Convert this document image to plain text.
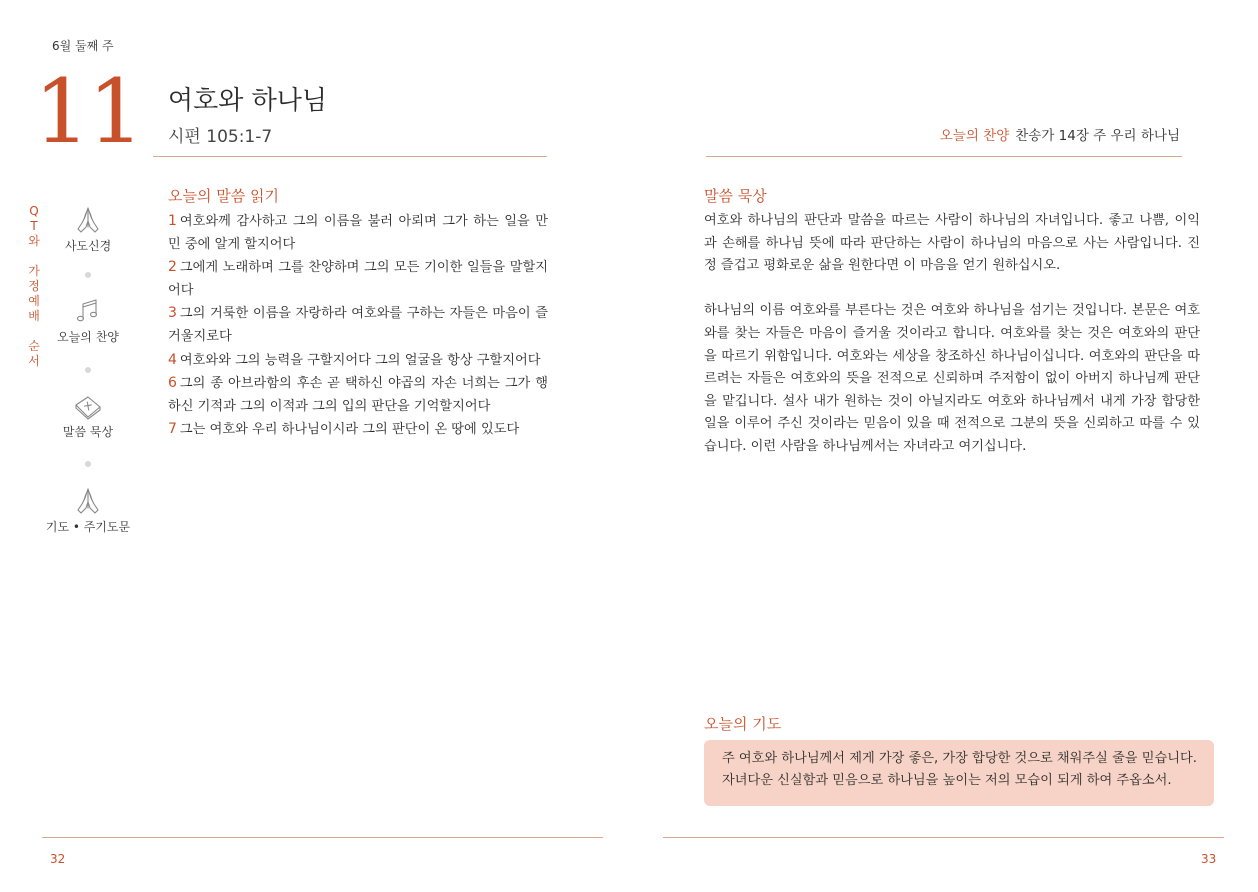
6월 둘째 주
11 여호와 하나님
시편 105:1-7
Q
T
와
가
정
예
배
순
서
사도신경
오늘의 찬양
말씀 묵상
기도 • 주기도문
오늘의 말씀 읽기
1 여호와께 감사하고 그의 이름을 불러 아뢰며 그가 하는 일을 만민 중에 알게 할지어다
2 그에게 노래하며 그를 찬양하며 그의 모든 기이한 일들을 말할지어다
3 그의 거룩한 이름을 자랑하라 여호와를 구하는 자들은 마음이 즐거울지로다
4 여호와와 그의 능력을 구할지어다 그의 얼굴을 항상 구할지어다
6 그의 종 아브라함의 후손 곧 택하신 야곱의 자손 너희는 그가 행하신 기적과 그의 이적과 그의 입의 판단을 기억할지어다
7 그는 여호와 우리 하나님이시라 그의 판단이 온 땅에 있도다
32
오늘의 찬양 찬송가 14장 주 우리 하나님
말씀 묵상

여호와 하나님의 판단과 말씀을 따르는 사람이 하나님의 자녀입니다. 좋고 나쁨, 이익과 손해를 하나님 뜻에 따라 판단하는 사람이 하나님의 마음으로 사는 사람입니다. 진정 즐겁고 평화로운 삶을 원한다면 이 마음을 얻기 원하십시오.

하나님의 이름 여호와를 부른다는 것은 여호와 하나님을 섬기는 것입니다. 본문은 여호와를 찾는 자들은 마음이 즐거울 것이라고 합니다. 여호와를 찾는 것은 여호와의 판단을 따르기 위함입니다. 여호와는 세상을 창조하신 하나님이십니다. 여호와의 판단을 따르려는 자들은 여호와의 뜻을 전적으로 신뢰하며 주저함이 없이 아버지 하나님께 판단을 맡깁니다. 설사 내가 원하는 것이 아닐지라도 여호와 하나님께서 내게 가장 합당한 일을 이루어 주신 것이라는 믿음이 있을 때 전적으로 그분의 뜻을 신뢰하고 따를 수 있습니다. 이런 사람을 하나님께서는 자녀라고 여기십니다.

오늘의 기도
주 여호와 하나님께서 제게 가장 좋은, 가장 합당한 것으로 채워주실 줄을 믿습니다. 자녀다운 신실함과 믿음으로 하나님을 높이는 저의 모습이 되게 하여 주옵소서.
33
